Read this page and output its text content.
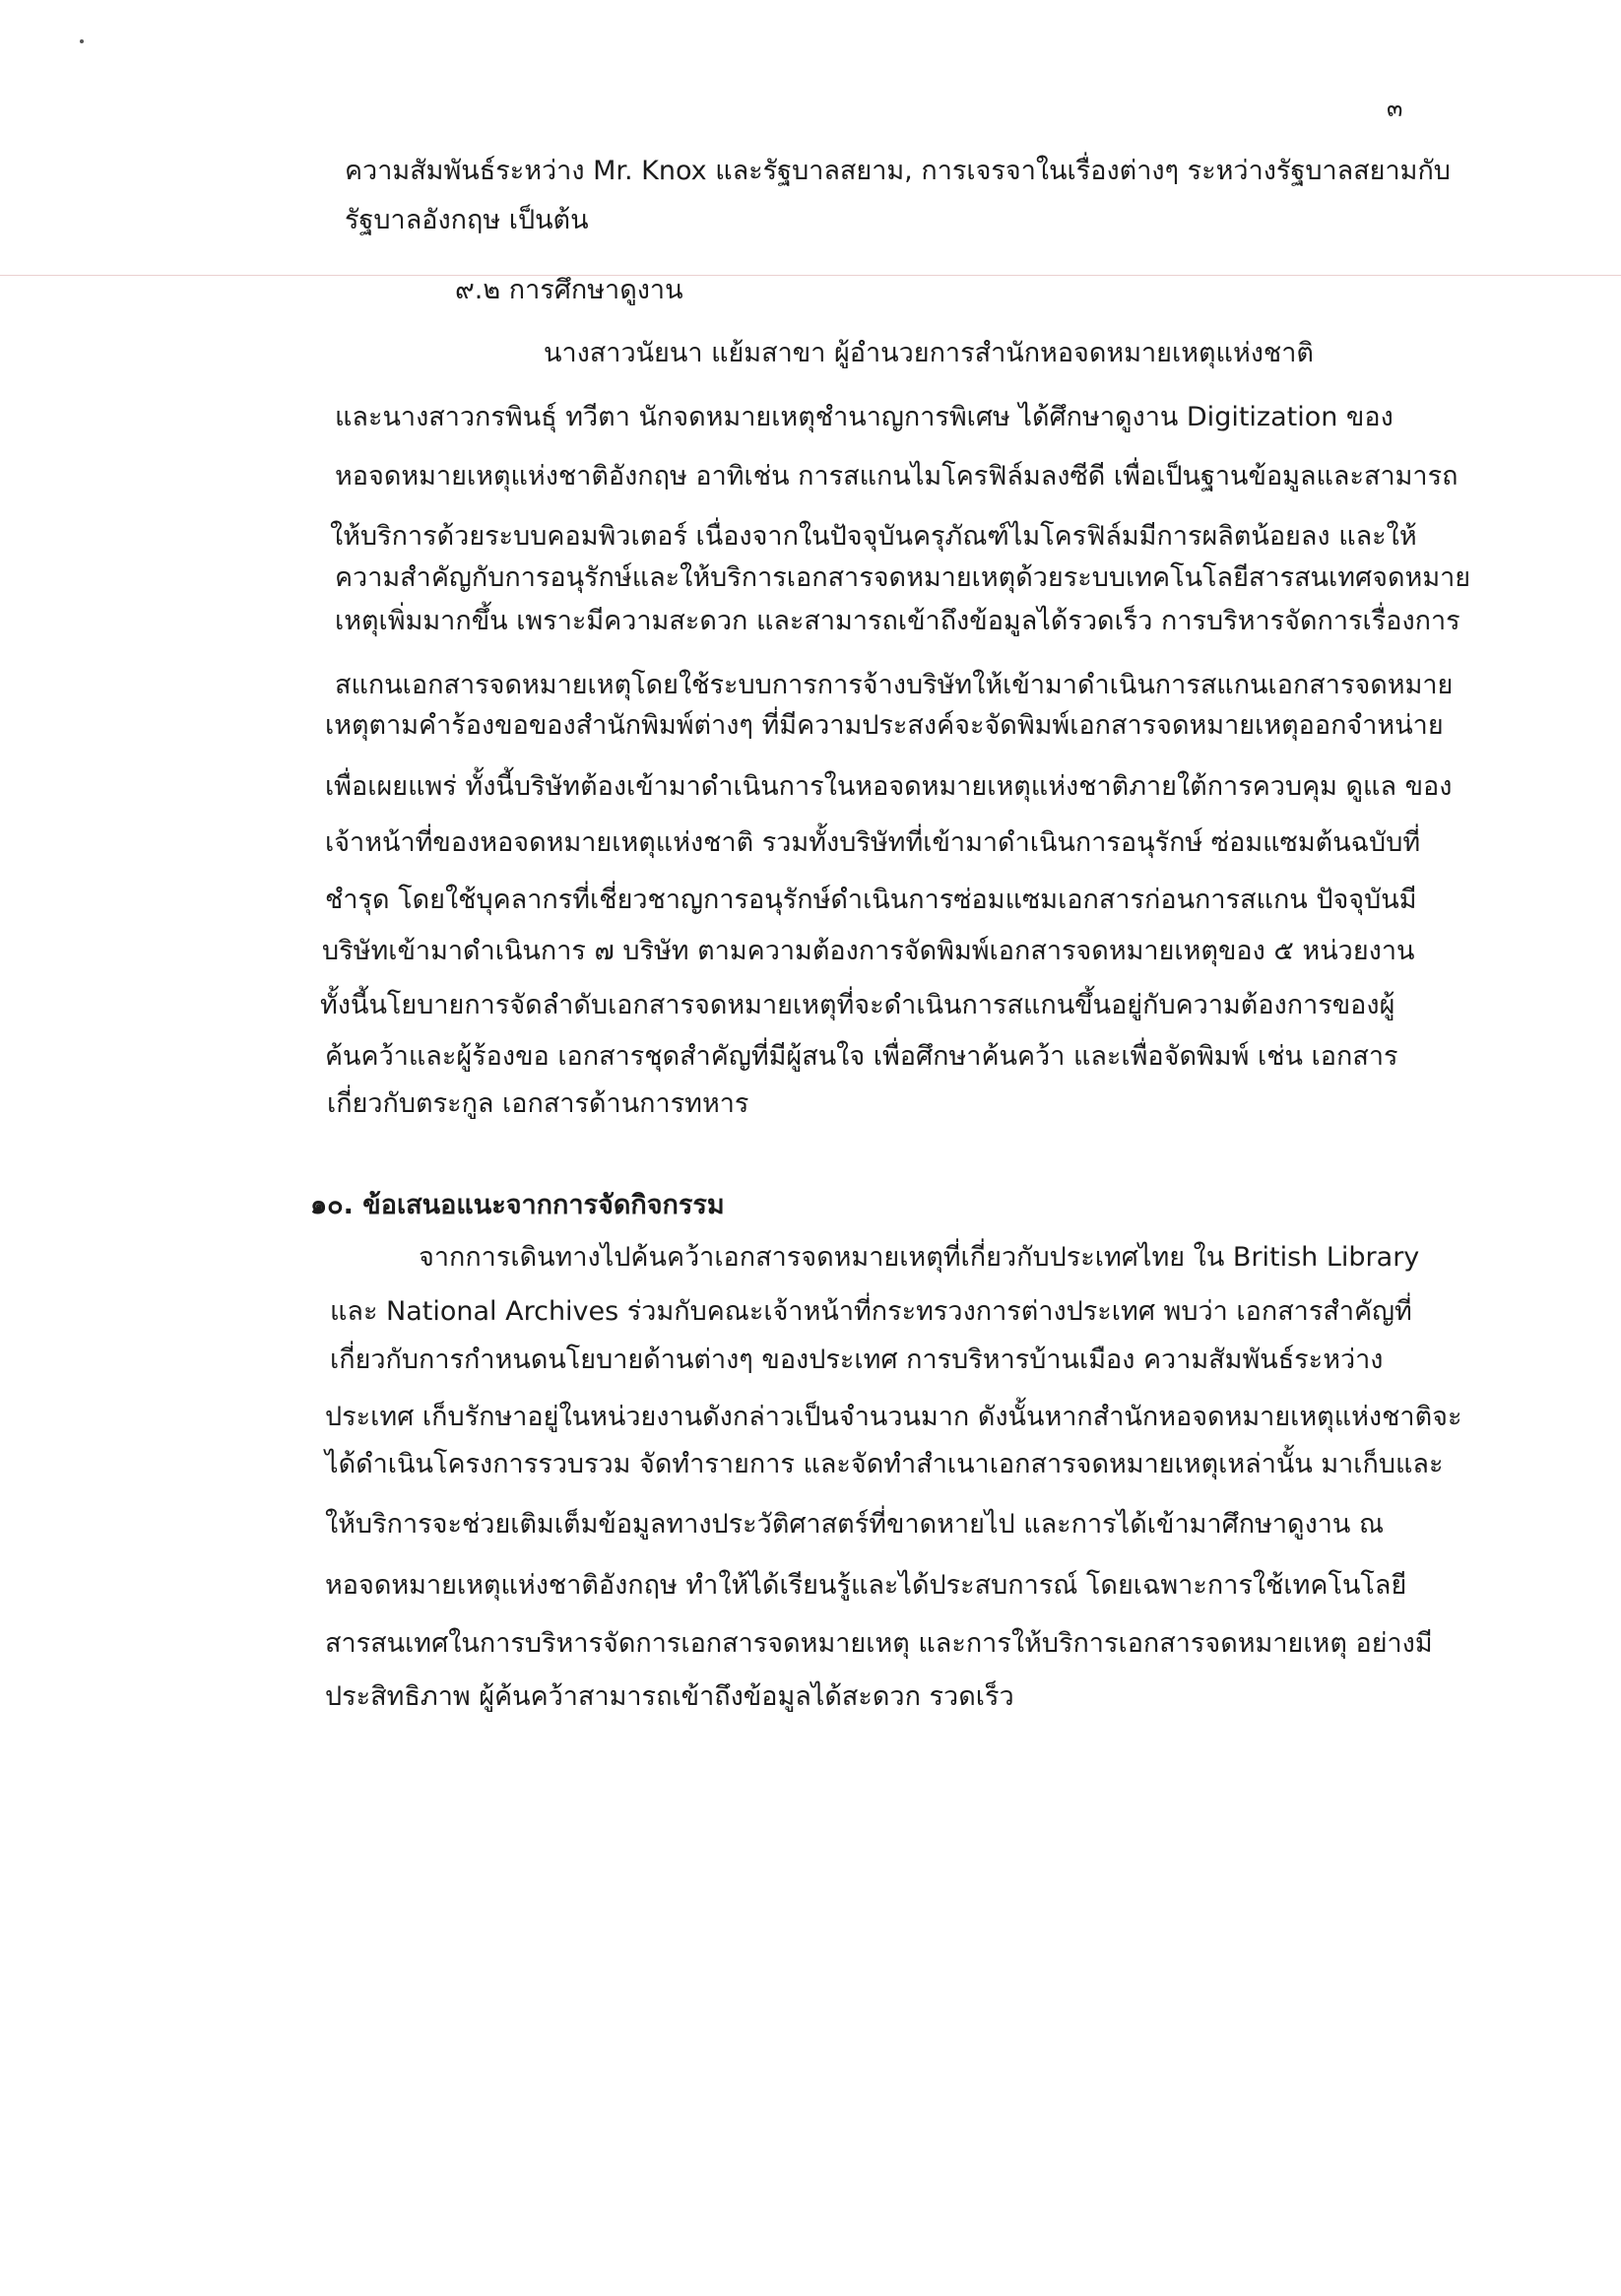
๓
ความสัมพันธ์ระหว่าง Mr. Knox และรัฐบาลสยาม, การเจรจาในเรื่องต่างๆ ระหว่างรัฐบาลสยามกับ
รัฐบาลอังกฤษ เป็นต้น
๙.๒ การศึกษาดูงาน
นางสาวนัยนา แย้มสาขา ผู้อำนวยการสำนักหอจดหมายเหตุแห่งชาติ
และนางสาวกรพินธุ์ ทวีตา นักจดหมายเหตุชำนาญการพิเศษ ได้ศึกษาดูงาน Digitization ของ
หอจดหมายเหตุแห่งชาติอังกฤษ อาทิเช่น การสแกนไมโครฟิล์มลงซีดี เพื่อเป็นฐานข้อมูลและสามารถ
ให้บริการด้วยระบบคอมพิวเตอร์ เนื่องจากในปัจจุบันครุภัณฑ์ไมโครฟิล์มมีการผลิตน้อยลง และให้
ความสำคัญกับการอนุรักษ์และให้บริการเอกสารจดหมายเหตุด้วยระบบเทคโนโลยีสารสนเทศจดหมาย
เหตุเพิ่มมากขึ้น เพราะมีความสะดวก และสามารถเข้าถึงข้อมูลได้รวดเร็ว การบริหารจัดการเรื่องการ
สแกนเอกสารจดหมายเหตุโดยใช้ระบบการการจ้างบริษัทให้เข้ามาดำเนินการสแกนเอกสารจดหมาย
เหตุตามคำร้องขอของสำนักพิมพ์ต่างๆ ที่มีความประสงค์จะจัดพิมพ์เอกสารจดหมายเหตุออกจำหน่าย
เพื่อเผยแพร่ ทั้งนี้บริษัทต้องเข้ามาดำเนินการในหอจดหมายเหตุแห่งชาติภายใต้การควบคุม ดูแล ของ
เจ้าหน้าที่ของหอจดหมายเหตุแห่งชาติ รวมทั้งบริษัทที่เข้ามาดำเนินการอนุรักษ์ ซ่อมแซมต้นฉบับที่
ชำรุด โดยใช้บุคลากรที่เชี่ยวชาญการอนุรักษ์ดำเนินการซ่อมแซมเอกสารก่อนการสแกน ปัจจุบันมี
บริษัทเข้ามาดำเนินการ ๗ บริษัท ตามความต้องการจัดพิมพ์เอกสารจดหมายเหตุของ ๕ หน่วยงาน
ทั้งนี้นโยบายการจัดลำดับเอกสารจดหมายเหตุที่จะดำเนินการสแกนขึ้นอยู่กับความต้องการของผู้
ค้นคว้าและผู้ร้องขอ เอกสารชุดสำคัญที่มีผู้สนใจ เพื่อศึกษาค้นคว้า และเพื่อจัดพิมพ์ เช่น เอกสาร
เกี่ยวกับตระกูล เอกสารด้านการทหาร
๑๐. ข้อเสนอแนะจากการจัดกิจกรรม
จากการเดินทางไปค้นคว้าเอกสารจดหมายเหตุที่เกี่ยวกับประเทศไทย ใน British Library
และ National Archives ร่วมกับคณะเจ้าหน้าที่กระทรวงการต่างประเทศ พบว่า เอกสารสำคัญที่
เกี่ยวกับการกำหนดนโยบายด้านต่างๆ ของประเทศ การบริหารบ้านเมือง ความสัมพันธ์ระหว่าง
ประเทศ เก็บรักษาอยู่ในหน่วยงานดังกล่าวเป็นจำนวนมาก ดังนั้นหากสำนักหอจดหมายเหตุแห่งชาติจะ
ได้ดำเนินโครงการรวบรวม จัดทำรายการ และจัดทำสำเนาเอกสารจดหมายเหตุเหล่านั้น มาเก็บและ
ให้บริการจะช่วยเติมเต็มข้อมูลทางประวัติศาสตร์ที่ขาดหายไป และการได้เข้ามาศึกษาดูงาน ณ
หอจดหมายเหตุแห่งชาติอังกฤษ ทำให้ได้เรียนรู้และได้ประสบการณ์ โดยเฉพาะการใช้เทคโนโลยี
สารสนเทศในการบริหารจัดการเอกสารจดหมายเหตุ และการให้บริการเอกสารจดหมายเหตุ อย่างมี
ประสิทธิภาพ ผู้ค้นคว้าสามารถเข้าถึงข้อมูลได้สะดวก รวดเร็ว
